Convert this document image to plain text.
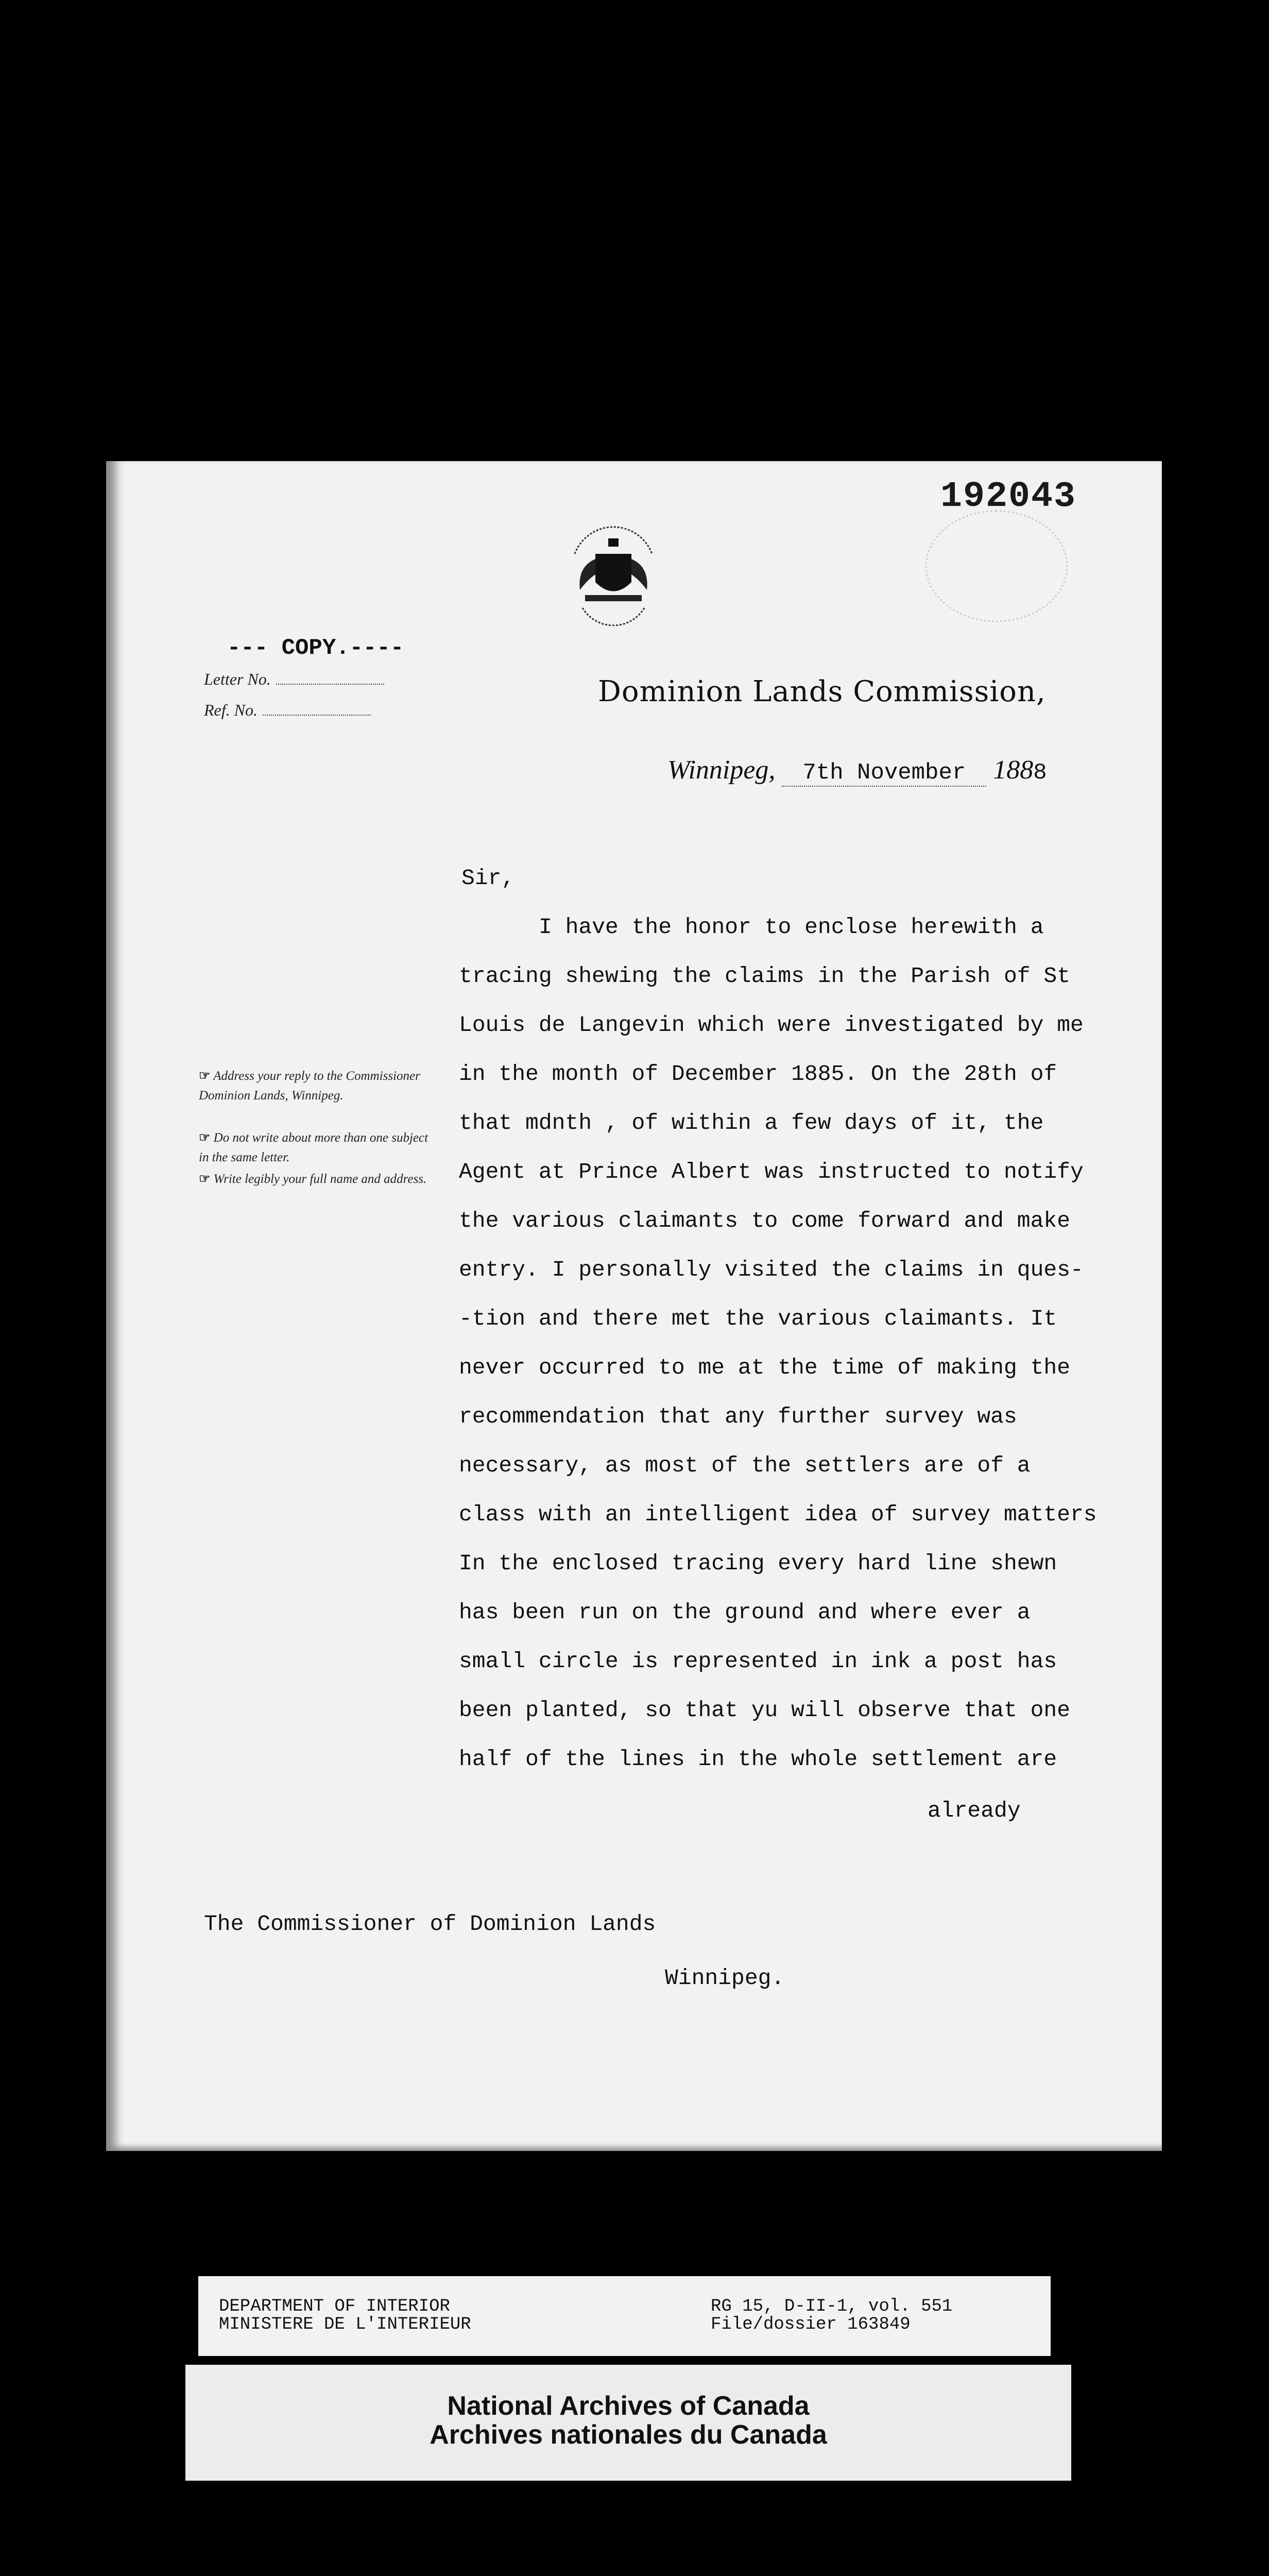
192043
--- COPY.----
Letter No.
Ref. No.
Dominion Lands Commission,
Winnipeg, 7th November 1888
☞ Address your reply to the Commissioner Dominion Lands, Winnipeg.
☞ Do not write about more than one subject in the same letter.
☞ Write legibly your full name and address.
Sir,
I have the honor to enclose herewith a
tracing shewing the claims in the Parish of St
Louis de Langevin which were investigated by me
in the month of December 1885. On the 28th of
that mdnth , of within a few days of it, the
Agent at Prince Albert was instructed to notify
the various claimants to come forward and make
entry. I personally visited the claims in ques-
-tion and there met the various claimants. It
never occurred to me at the time of making the
recommendation that any further survey was
necessary, as most of the settlers are of a
class with an intelligent idea of survey matters
In the enclosed tracing every hard line shewn
has been run on the ground and where ever a
small circle is represented in ink a post has
been planted, so that yu will observe that one
half of the lines in the whole settlement are
already
The Commissioner of Dominion Lands
Winnipeg.
DEPARTMENT OF INTERIOR
MINISTERE DE L'INTERIEUR
RG 15, D-II-1, vol. 551
File/dossier 163849
National Archives of Canada
Archives nationales du Canada
